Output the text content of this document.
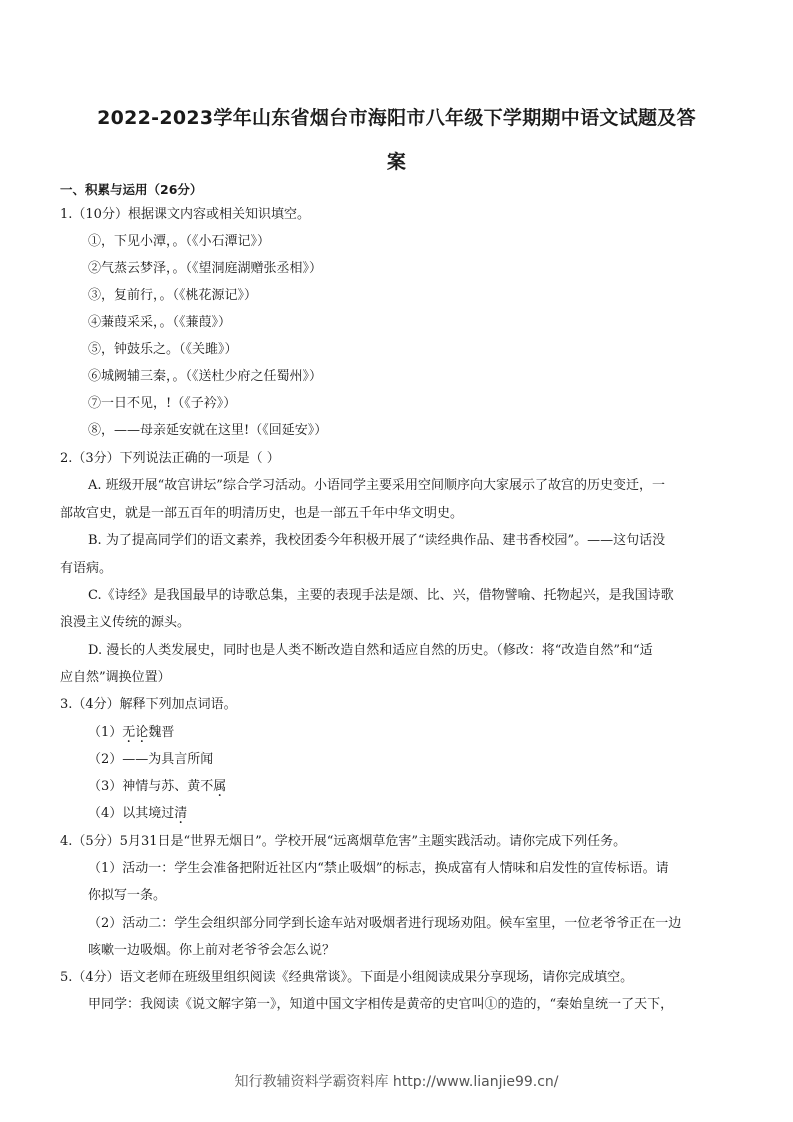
2022-2023学年山东省烟台市海阳市八年级下学期期中语文试题及答
案
一、积累与运用（26分）
1.（10分）根据课文内容或相关知识填空。
①，下见小潭，。（《小石潭记》）
②气蒸云梦泽，。（《望洞庭湖赠张丞相》）
③，复前行，。（《桃花源记》）
④蒹葭采采，。（《蒹葭》）
⑤，钟鼓乐之。（《关雎》）
⑥城阙辅三秦，。（《送杜少府之任蜀州》）
⑦一日不见，!（《子衿》）
⑧，——母亲延安就在这里!（《回延安》）
2.（3分）下列说法正确的一项是（ ）
A. 班级开展“故宫讲坛”综合学习活动。小语同学主要采用空间顺序向大家展示了故宫的历史变迁，一
部故宫史，就是一部五百年的明清历史，也是一部五千年中华文明史。
B. 为了提高同学们的语文素养，我校团委今年积极开展了“读经典作品、建书香校园”。——这句话没
有语病。
C.《诗经》是我国最早的诗歌总集，主要的表现手法是颂、比、兴，借物譬喻、托物起兴，是我国诗歌
浪漫主义传统的源头。
D. 漫长的人类发展史，同时也是人类不断改造自然和适应自然的历史。（修改：将“改造自然”和“适
应自然”调换位置）
3.（4分）解释下列加点词语。
（1）无论魏晋
（2）——为具言所闻
（3）神情与苏、黄不属
（4）以其境过清
4.（5分）5月31日是“世界无烟日”。学校开展“远离烟草危害”主题实践活动。请你完成下列任务。
（1）活动一：学生会准备把附近社区内“禁止吸烟”的标志，换成富有人情味和启发性的宣传标语。请
你拟写一条。
（2）活动二：学生会组织部分同学到长途车站对吸烟者进行现场劝阻。候车室里，一位老爷爷正在一边
咳嗽一边吸烟。你上前对老爷爷会怎么说？
5.（4分）语文老师在班级里组织阅读《经典常谈》。下面是小组阅读成果分享现场，请你完成填空。
甲同学：我阅读《说文解字第一》，知道中国文字相传是黄帝的史官叫①的造的，“秦始皇统一了天下，
知行教辅资料学霸资料库 http://www.lianjie99.cn/
